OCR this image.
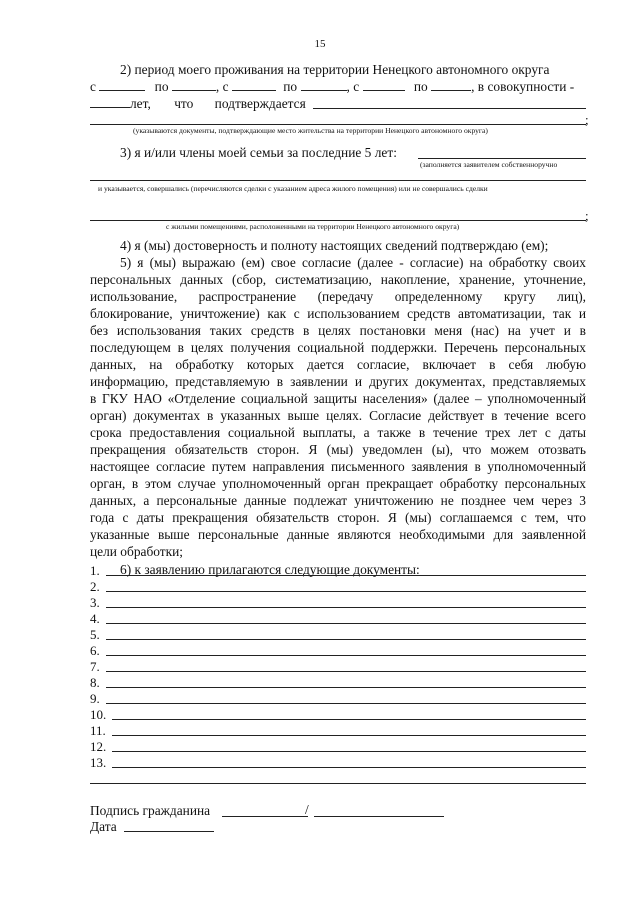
15
2) период моего проживания на территории Ненецкого автономного округа
с	по	, с	по	, с	по	, в совокупности -
лет, что подтверждается
;
(указываются документы, подтверждающие место жительства на территории Ненецкого автономного округа)
3) я и/или члены моей семьи за последние 5 лет:
(заполняется заявителем собственноручно
и указывается, совершались (перечисляются сделки с указанием адреса жилого помещения) или не совершались сделки
;
с жилыми помещениями, расположенными на территории Ненецкого автономного округа)
4) я (мы) достоверность и полноту настоящих сведений подтверждаю (ем);
5) я (мы) выражаю (ем) свое согласие (далее - согласие) на обработку своих
персональных данных (сбор, систематизацию, накопление, хранение, уточнение,
использование, распространение (передачу определенному кругу лиц),
блокирование, уничтожение) как с использованием средств автоматизации, так и
без использования таких средств в целях постановки меня (нас) на учет и в
последующем в целях получения социальной поддержки. Перечень персональных
данных, на обработку которых дается согласие, включает в себя любую
информацию, представляемую в заявлении и других документах, представляемых
в ГКУ НАО «Отделение социальной защиты населения» (далее – уполномоченный
орган) документах в указанных выше целях. Согласие действует в течение всего
срока предоставления социальной выплаты, а также в течение трех лет с даты
прекращения обязательств сторон. Я (мы) уведомлен (ы), что можем отозвать
настоящее согласие путем направления письменного заявления в уполномоченный
орган, в этом случае уполномоченный орган прекращает обработку персональных
данных, а персональные данные подлежат уничтожению не позднее чем через 3
года с даты прекращения обязательств сторон. Я (мы) соглашаемся с тем, что
указанные выше персональные данные являются необходимыми для заявленной
цели обработки;
6) к заявлению прилагаются следующие документы:
1.
2.
3.
4.
5.
6.
7.
8.
9.
10.
11.
12.
13.
Подпись гражданина	/
Дата
